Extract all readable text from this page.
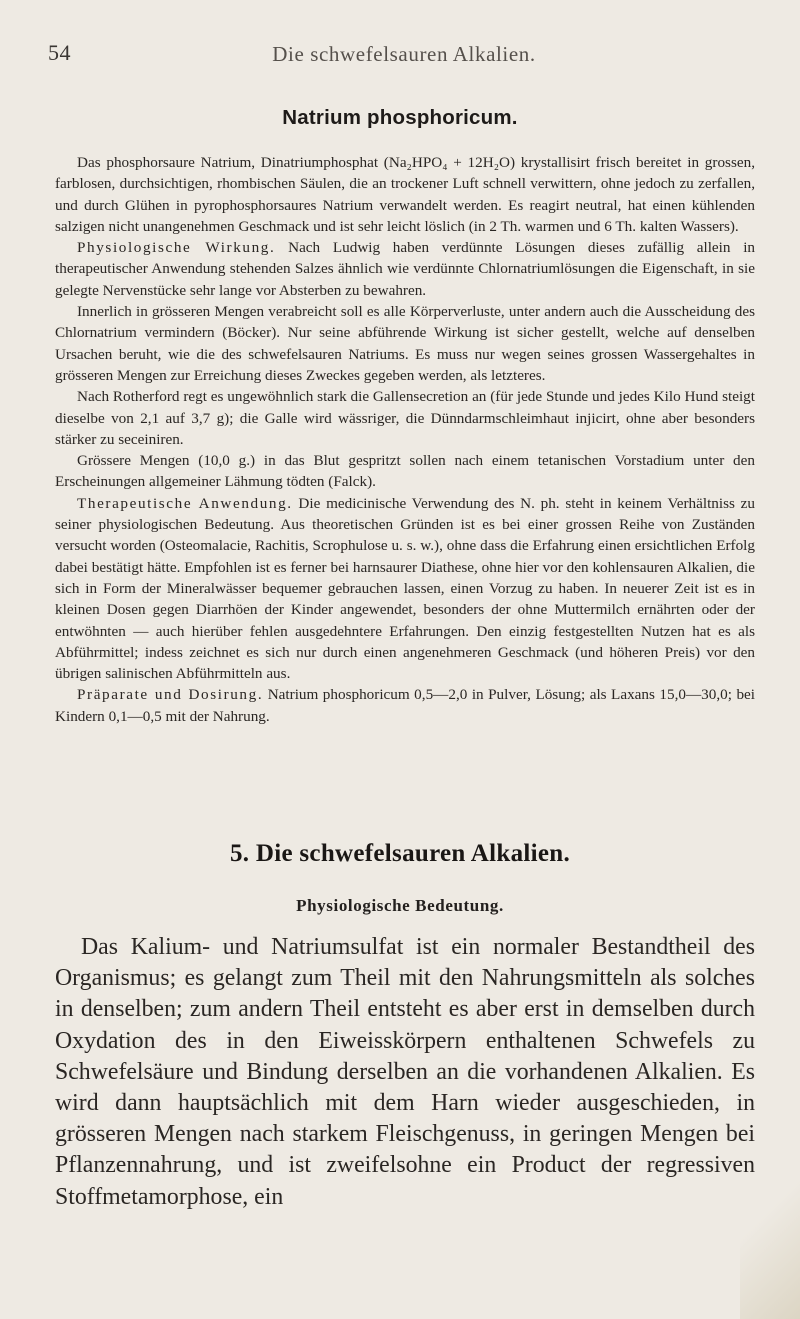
54	Die schwefelsauren Alkalien.
Natrium phosphoricum.

Das phosphorsaure Natrium, Dinatriumphosphat (Na₂HPO₄ + 12H₂O) krystallisirt frisch bereitet in grossen, farblosen, durchsichtigen, rhombischen Säulen, die an trockener Luft schnell verwittern, ohne jedoch zu zerfallen, und durch Glühen in pyrophosphorsaures Natrium verwandelt werden. Es reagirt neutral, hat einen kühlenden salzigen nicht unangenehmen Geschmack und ist sehr leicht löslich (in 2 Th. warmen und 6 Th. kalten Wassers).

Physiologische Wirkung. Nach Ludwig haben verdünnte Lösungen dieses zufällig allein in therapeutischer Anwendung stehenden Salzes ähnlich wie verdünnte Chlornatriumlösungen die Eigenschaft, in sie gelegte Nervenstücke sehr lange vor Absterben zu bewahren.

Innerlich in grösseren Mengen verabreicht soll es alle Körperverluste, unter andern auch die Ausscheidung des Chlornatrium vermindern (Böcker). Nur seine abführende Wirkung ist sicher gestellt, welche auf denselben Ursachen beruht, wie die des schwefelsauren Natriums. Es muss nur wegen seines grossen Wassergehaltes in grösseren Mengen zur Erreichung dieses Zweckes gegeben werden, als letzteres.

Nach Rotherford regt es ungewöhnlich stark die Gallensecretion an (für jede Stunde und jedes Kilo Hund steigt dieselbe von 2,1 auf 3,7 g); die Galle wird wässriger, die Dünndarmschleimhaut injicirt, ohne aber besonders stärker zu seceiniren.

Grössere Mengen (10,0 g.) in das Blut gespritzt sollen nach einem tetanischen Vorstadium unter den Erscheinungen allgemeiner Lähmung tödten (Falck).

Therapeutische Anwendung. Die medicinische Verwendung des N. ph. steht in keinem Verhältniss zu seiner physiologischen Bedeutung. Aus theoretischen Gründen ist es bei einer grossen Reihe von Zuständen versucht worden (Osteomalacie, Rachitis, Scrophulose u. s. w.), ohne dass die Erfahrung einen ersichtlichen Erfolg dabei bestätigt hätte. Empfohlen ist es ferner bei harnsaurer Diathese, ohne hier vor den kohlensauren Alkalien, die sich in Form der Mineralwässer bequemer gebrauchen lassen, einen Vorzug zu haben. In neuerer Zeit ist es in kleinen Dosen gegen Diarrhöen der Kinder angewendet, besonders der ohne Muttermilch ernährten oder der entwöhnten — auch hierüber fehlen ausgedehntere Erfahrungen. Den einzig festgestellten Nutzen hat es als Abführmittel; indess zeichnet es sich nur durch einen angenehmeren Geschmack (und höheren Preis) vor den übrigen salinischen Abführmitteln aus.

Präparate und Dosirung. Natrium phosphoricum 0,5—2,0 in Pulver, Lösung; als Laxans 15,0—30,0; bei Kindern 0,1—0,5 mit der Nahrung.

5. Die schwefelsauren Alkalien.
Physiologische Bedeutung.

Das Kalium- und Natriumsulfat ist ein normaler Bestandtheil des Organismus; es gelangt zum Theil mit den Nahrungsmitteln als solches in denselben; zum andern Theil entsteht es aber erst in demselben durch Oxydation des in den Eiweisskörpern enthaltenen Schwefels zu Schwefelsäure und Bindung derselben an die vorhandenen Alkalien. Es wird dann hauptsächlich mit dem Harn wieder ausgeschieden, in grösseren Mengen nach starkem Fleischgenuss, in geringen Mengen bei Pflanzennahrung, und ist zweifelsohne ein Product der regressiven Stoffmetamorphose, ein
